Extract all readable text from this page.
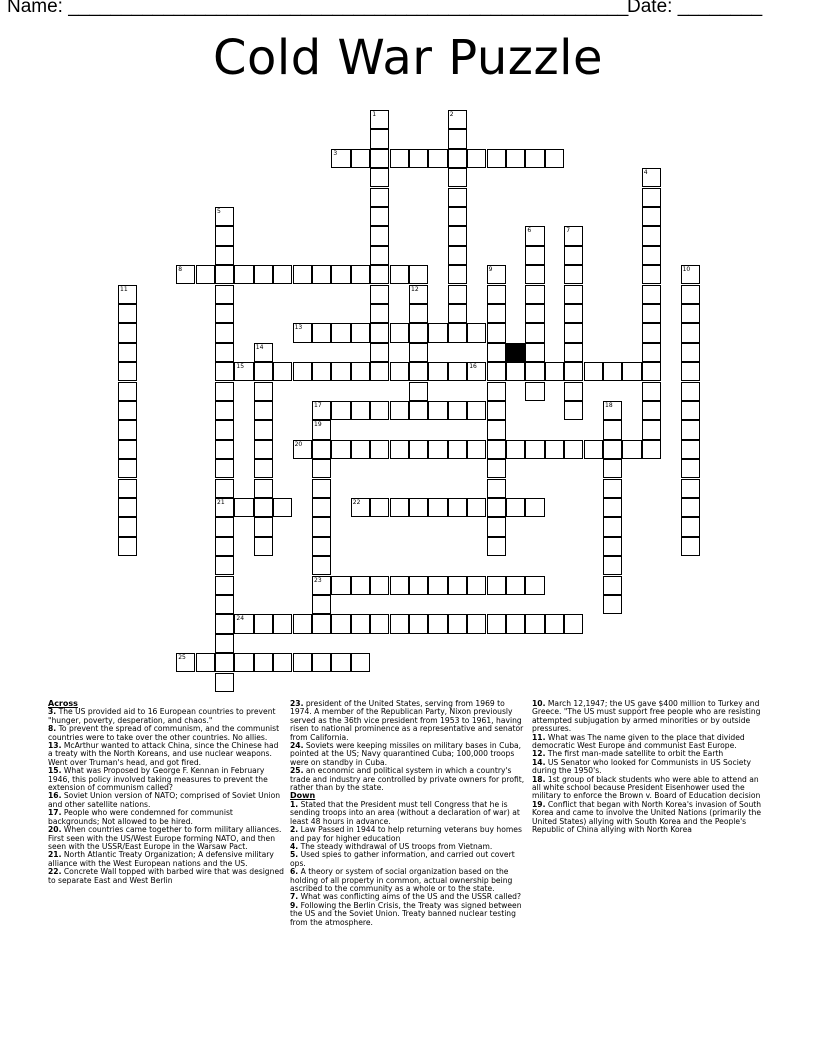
Name: _____________________________________________________
Date: ________
Cold War Puzzle
1	2
3
4
5
21
6	7
8	9	10
11	12
13
14
15	16
17	18
19
23
20
22
24
25
Across
3. The US provided aid to 16 European countries to prevent "hunger, poverty, desperation, and chaos."
8. To prevent the spread of communism, and the communist countries were to take over the other countries. No allies.
13. McArthur wanted to attack China, since the Chinese had a treaty with the North Koreans, and use nuclear weapons. Went over Truman's head, and got fired.
15. What was Proposed by George F. Kennan in February 1946, this policy involved taking measures to prevent the extension of communism called?
16. Soviet Union version of NATO; comprised of Soviet Union and other satellite nations.
17. People who were condemned for communist backgrounds; Not allowed to be hired.
20. When countries came together to form military alliances. First seen with the US/West Europe forming NATO, and then seen with the USSR/East Europe in the Warsaw Pact.
21. North Atlantic Treaty Organization; A defensive military alliance with the West European nations and the US.
22. Concrete Wall topped with barbed wire that was designed to separate East and West Berlin
23. president of the United States, serving from 1969 to 1974. A member of the Republican Party, Nixon previously served as the 36th vice president from 1953 to 1961, having risen to national prominence as a representative and senator from California.
24. Soviets were keeping missiles on military bases in Cuba, pointed at the US; Navy quarantined Cuba; 100,000 troops were on standby in Cuba.
25. an economic and political system in which a country's trade and industry are controlled by private owners for profit, rather than by the state.
Down
1. Stated that the President must tell Congress that he is sending troops into an area (without a declaration of war) at least 48 hours in advance.
2. Law Passed in 1944 to help returning veterans buy homes and pay for higher education
4. The steady withdrawal of US troops from Vietnam.
5. Used spies to gather information, and carried out covert ops.
6. A theory or system of social organization based on the holding of all property in common, actual ownership being ascribed to the community as a whole or to the state.
7. What was conflicting aims of the US and the USSR called?
9. Following the Berlin Crisis, the Treaty was signed between the US and the Soviet Union. Treaty banned nuclear testing from the atmosphere.
10. March 12,1947; the US gave $400 million to Turkey and Greece. "The US must support free people who are resisting attempted subjugation by armed minorities or by outside pressures.
11. What was The name given to the place that divided democratic West Europe and communist East Europe.
12. The first man-made satellite to orbit the Earth
14. US Senator who looked for Communists in US Society during the 1950's.
18. 1st group of black students who were able to attend an all white school because President Eisenhower used the military to enforce the Brown v. Board of Education decision
19. Conflict that began with North Korea's invasion of South Korea and came to involve the United Nations (primarily the United States) allying with South Korea and the People's Republic of China allying with North Korea
